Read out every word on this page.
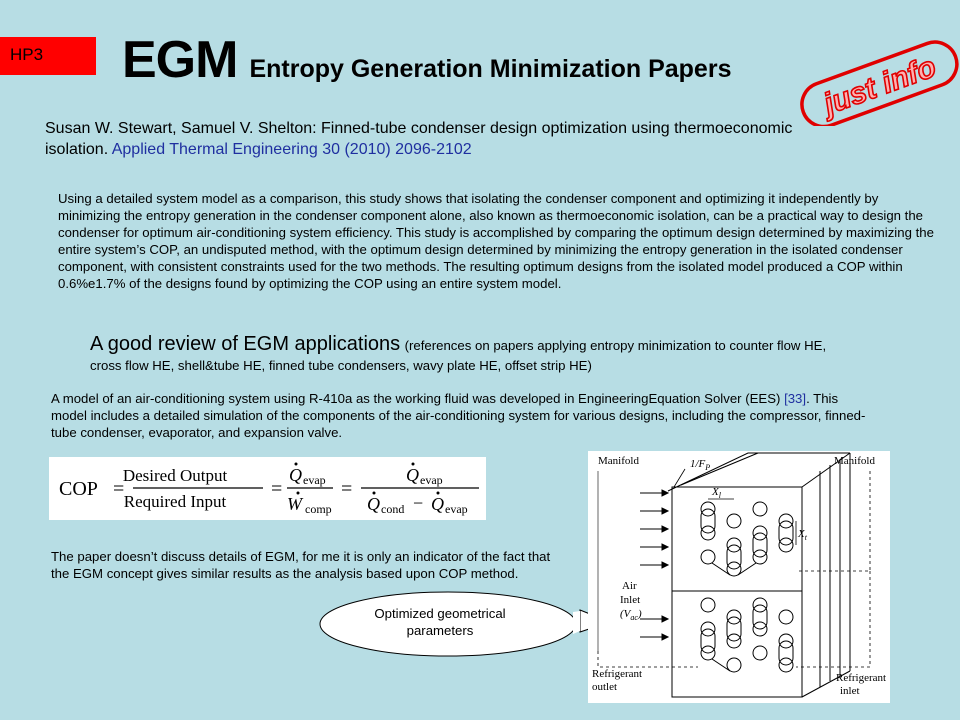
HP3 EGM Entropy Generation Minimization Papers	just info
Susan W. Stewart, Samuel V. Shelton: Finned-tube condenser design optimization using thermoeconomic isolation. Applied Thermal Engineering 30 (2010) 2096-2102
Using a detailed system model as a comparison, this study shows that isolating the condenser component and optimizing it independently by minimizing the entropy generation in the condenser component alone, also known as thermoeconomic isolation, can be a practical way to design the condenser for optimum air-conditioning system efficiency. This study is accomplished by comparing the optimum design determined by maximizing the entire system’s COP, an undisputed method, with the optimum design determined by minimizing the entropy generation in the isolated condenser component, with consistent constraints used for the two methods. The resulting optimum designs from the isolated model produced a COP within 0.6%e1.7% of the designs found by optimizing the COP using an entire system model.
A good review of EGM applications (references on papers applying entropy minimization to counter flow HE, cross flow HE, shell&tube HE, finned tube condensers, wavy plate HE, offset strip HE)
A model of an air-conditioning system using R-410a as the working fluid was developed in EngineeringEquation Solver (EES) [33]. This model includes a detailed simulation of the components of the air-conditioning system for various designs, including the compressor, finned-tube condenser, evaporator, and expansion valve.
COP =
Desired Output
Required Input
=
Q evap
W comp
=
Q evap
Q cond − Q evap
The paper doesn’t discuss details of EGM, for me it is only an indicator of the fact that the EGM concept gives similar results as the analysis based upon COP method.
Optimized geometrical parameters
Manifold	Manifold
$1/F_P$
Air
Inlet
$(V_{ac})$
$X_l$
$X_t$
Refrigerant
outlet
Refrigerant
inlet
